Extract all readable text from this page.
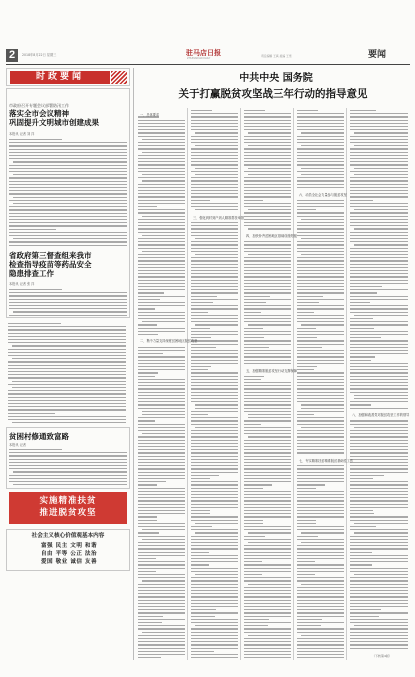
2	2018年8月22日 星期三	驻马店日报
ZHUMADIAN DAILY
责任编辑 王真 美编 王雪	要闻
时政要闻
市政府召开专题会议部署防汛工作
落实全市会议精神
巩固提升文明城市创建成果
本报讯 记者 刘 洋
省政府第三督查组来我市
检查指导疫苗等药品安全
隐患排查工作
本报讯 记者 张 洋
贫困村修通致富路
本报讯 记者
实施精准扶贫
推进脱贫攻坚
社会主义核心价值观基本内容
富强 民主 文明 和谐
自由 平等 公正 法治
爱国 敬业 诚信 友善
中共中央 国务院
关于打赢脱贫攻坚战三年行动的指导意见
一、总体要求
二、集中力量支持深度贫困地区脱贫攻坚
三、强化到村到户到人精准帮扶举措
四、加快补齐贫困地区基础设施短板
五、加强精准脱贫攻坚行动支撑保障
六、动员全社会力量参与脱贫攻坚
七、夯实精准扶贫精准脱贫基础性工作
八、加强和改善党对脱贫攻坚工作的领导
（下转第4版）
